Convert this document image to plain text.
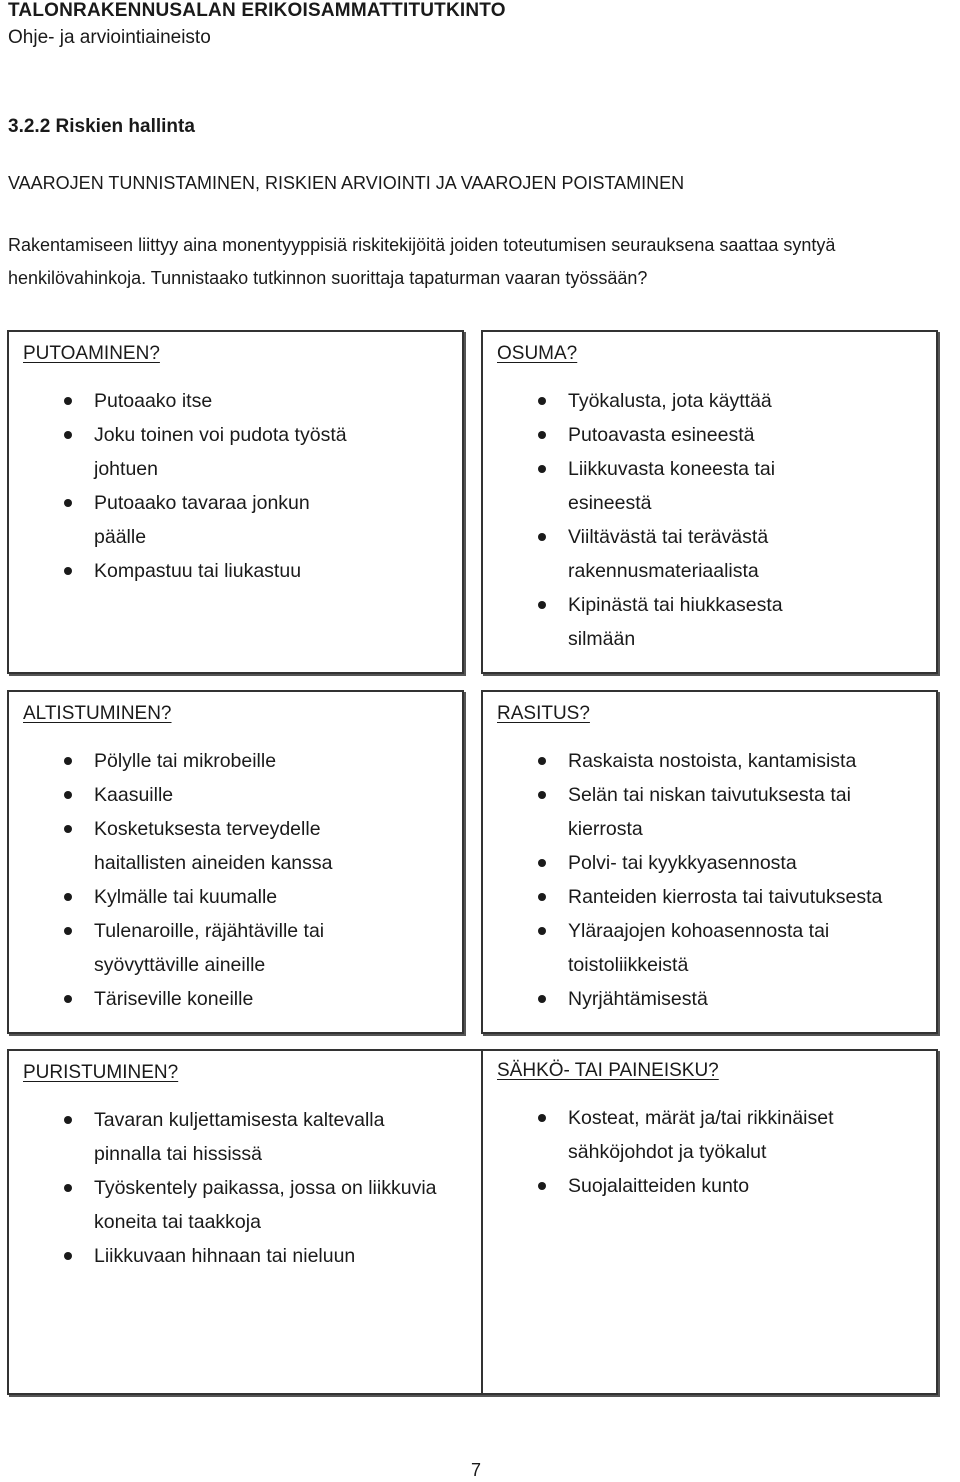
TALONRAKENNUSALAN ERIKOISAMMATTITUTKINTO
Ohje- ja arviointiaineisto
3.2.2 Riskien hallinta
VAAROJEN TUNNISTAMINEN, RISKIEN ARVIOINTI JA VAAROJEN POISTAMINEN
Rakentamiseen liittyy aina monentyyppisiä riskitekijöitä joiden toteutumisen seurauksena saattaa syntyä henkilövahinkoja. Tunnistaako tutkinnon suorittaja tapaturman vaaran työssään?
PUTOAMINEN?
Putoaako itse
Joku toinen voi pudota työstä johtuen
Putoaako tavaraa jonkun päälle
Kompastuu tai liukastuu
OSUMA?
Työkalusta, jota käyttää
Putoavasta esineestä
Liikkuvasta koneesta tai esineestä
Viiltävästä tai terävästä rakennusmateriaalista
Kipinästä tai hiukkasesta silmään
ALTISTUMINEN?
Pölylle tai mikrobeille
Kaasuille
Kosketuksesta terveydelle haitallisten aineiden kanssa
Kylmälle tai kuumalle
Tulenaroille, räjähtäville tai syövyttäville aineille
Täriseville koneille
RASITUS?
Raskaista nostoista, kantamisista
Selän tai niskan taivutuksesta tai kierrosta
Polvi- tai kyykkyasennosta
Ranteiden kierrosta tai taivutuksesta
Yläraajojen kohoasennosta tai toistoliikkeistä
Nyrjähtämisestä
PURISTUMINEN?
Tavaran kuljettamisesta kaltevalla pinnalla tai hississä
Työskentely paikassa, jossa on liikkuvia koneita tai taakkoja
Liikkuvaan hihnaan tai nieluun
SÄHKÖ- TAI PAINEISKU?
Kosteat, märät ja/tai rikkinäiset sähköjohdot ja työkalut
Suojalaitteiden kunto
7
